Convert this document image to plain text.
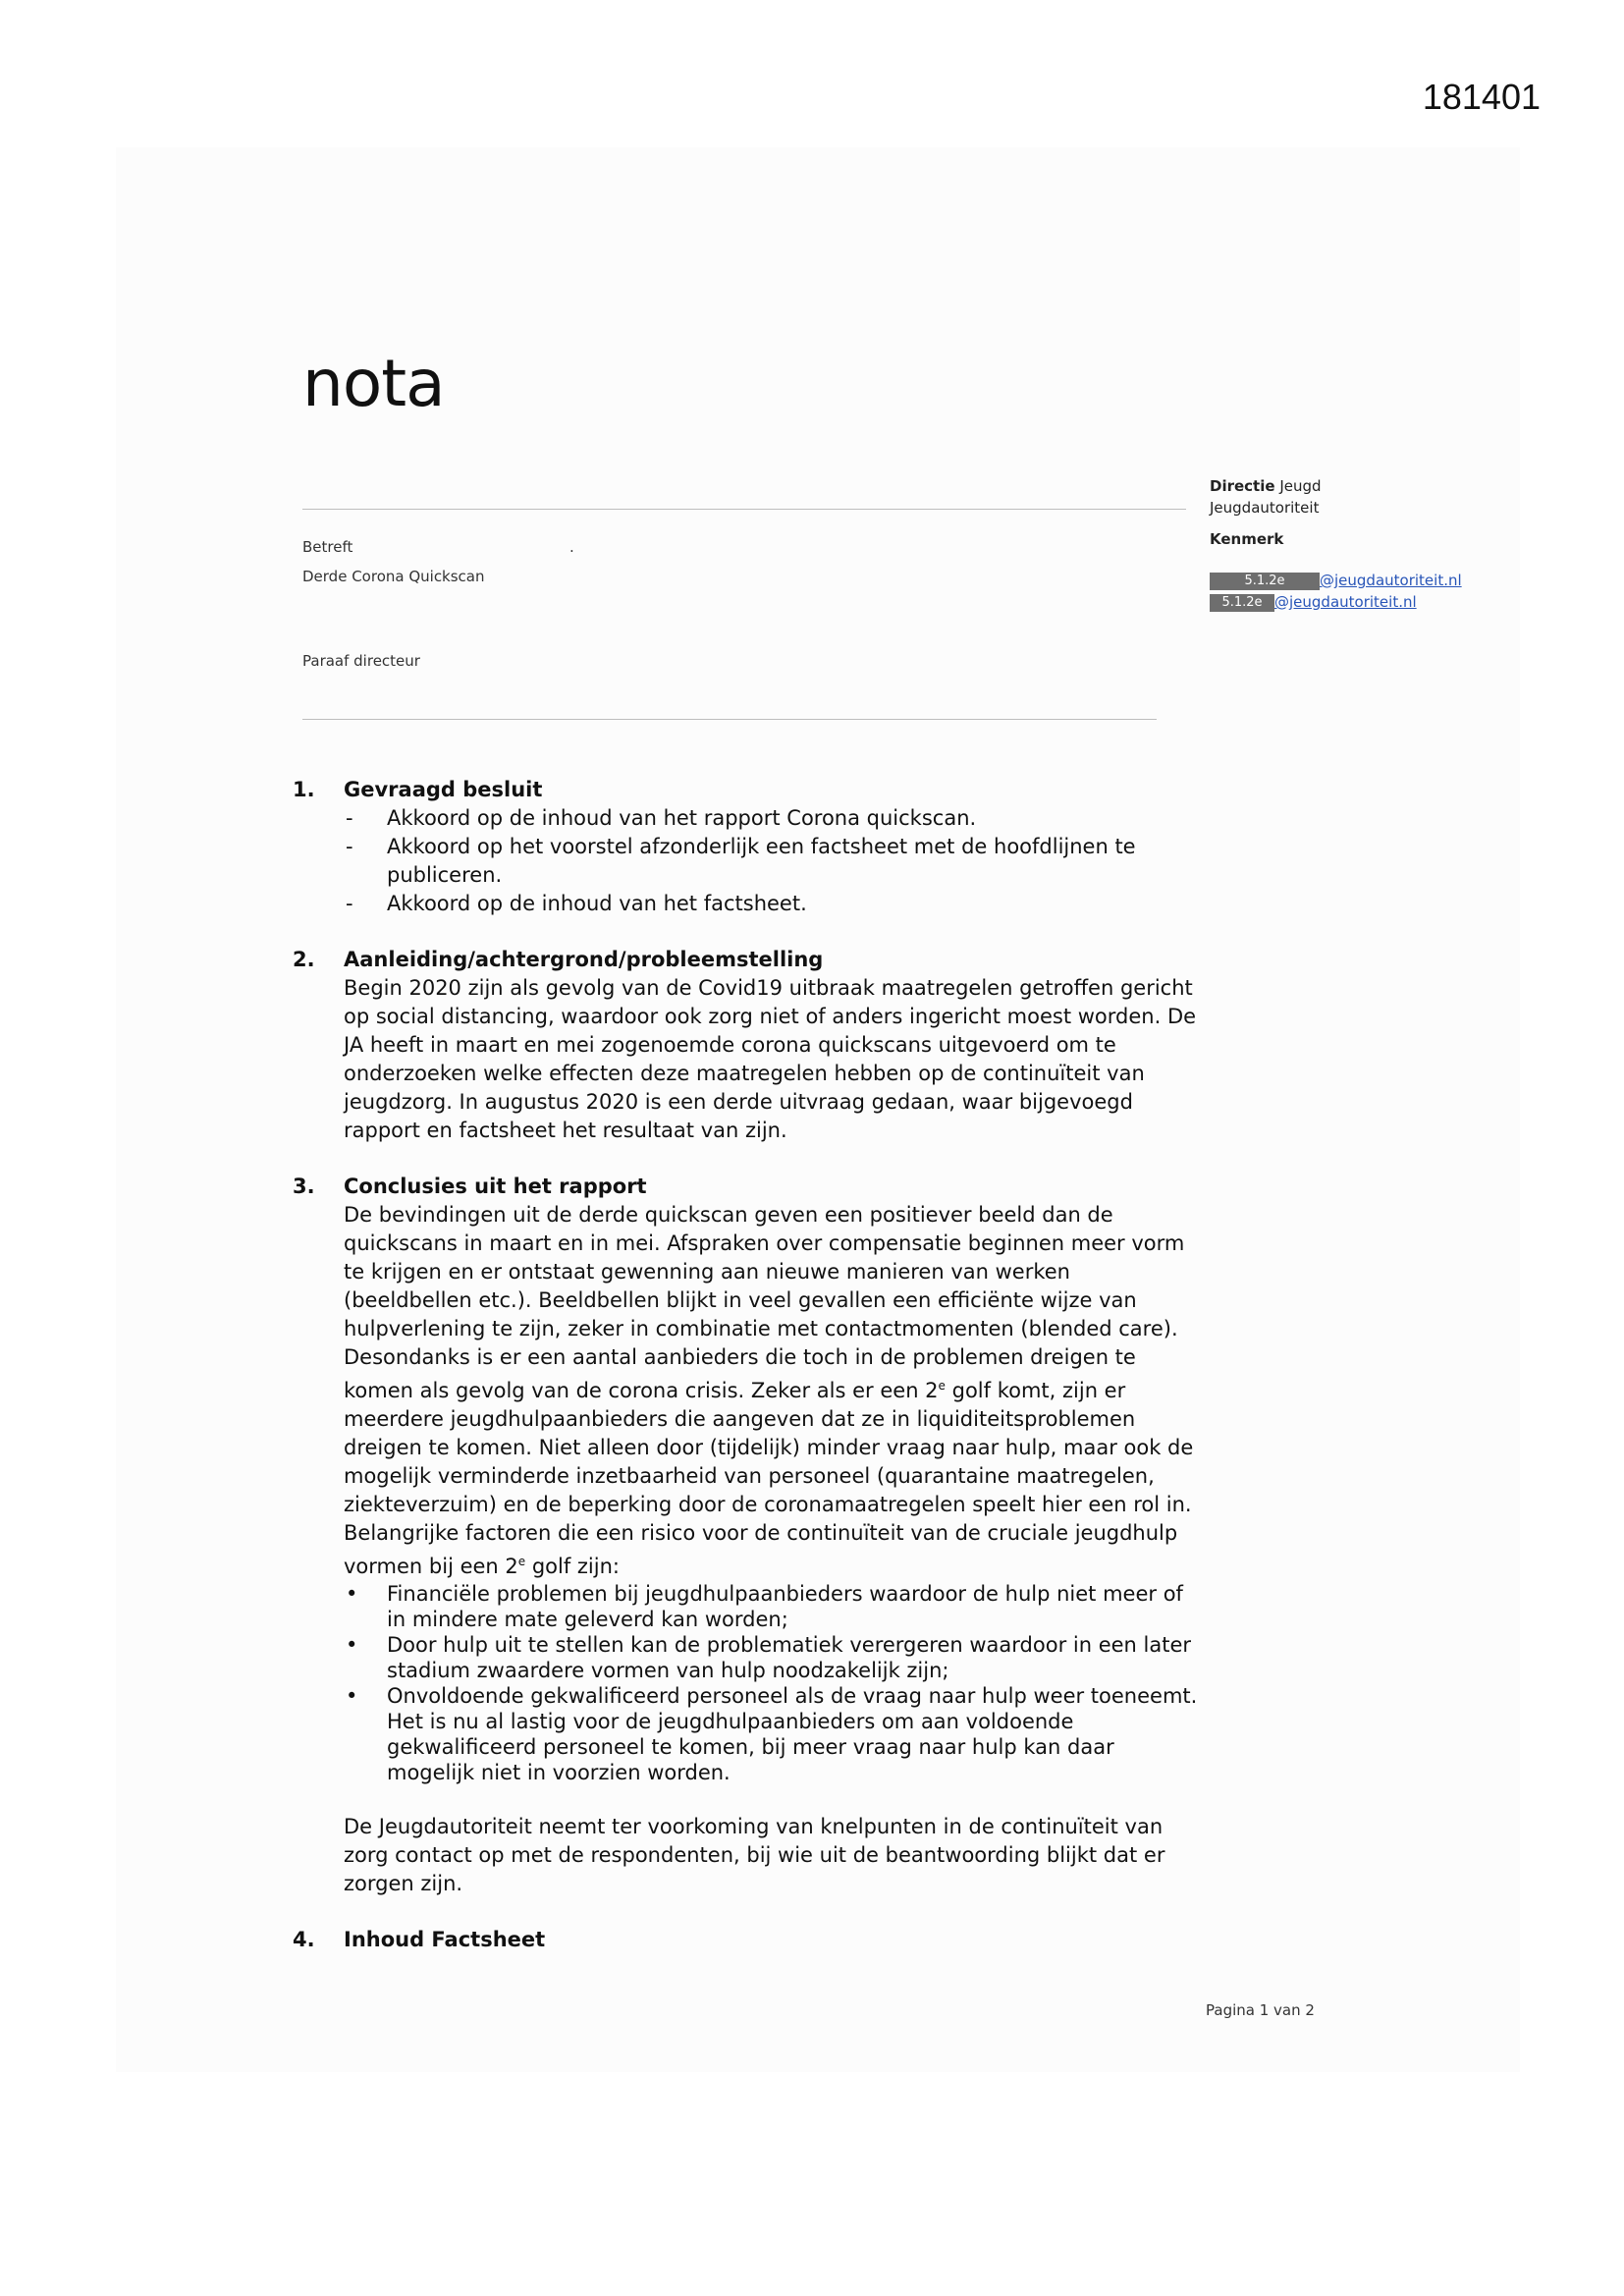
181401
nota
Betreft	.
Derde Corona Quickscan
Paraaf directeur
Directie Jeugd
Jeugdautoriteit
Kenmerk
5.1.2e @jeugdautoriteit.nl
5.1.2e @jeugdautoriteit.nl
1. Gevraagd besluit
- Akkoord op de inhoud van het rapport Corona quickscan.
- Akkoord op het voorstel afzonderlijk een factsheet met de hoofdlijnen te publiceren.
- Akkoord op de inhoud van het factsheet.
2. Aanleiding/achtergrond/probleemstelling

Begin 2020 zijn als gevolg van de Covid19 uitbraak maatregelen getroffen gericht op social distancing, waardoor ook zorg niet of anders ingericht moest worden. De JA heeft in maart en mei zogenoemde corona quickscans uitgevoerd om te onderzoeken welke effecten deze maatregelen hebben op de continuïteit van jeugdzorg. In augustus 2020 is een derde uitvraag gedaan, waar bijgevoegd rapport en factsheet het resultaat van zijn.

3. Conclusies uit het rapport

De bevindingen uit de derde quickscan geven een positiever beeld dan de quickscans in maart en in mei. Afspraken over compensatie beginnen meer vorm te krijgen en er ontstaat gewenning aan nieuwe manieren van werken (beeldbellen etc.). Beeldbellen blijkt in veel gevallen een efficiënte wijze van hulpverlening te zijn, zeker in combinatie met contactmomenten (blended care). Desondanks is er een aantal aanbieders die toch in de problemen dreigen te komen als gevolg van de corona crisis. Zeker als er een 2e golf komt, zijn er meerdere jeugdhulpaanbieders die aangeven dat ze in liquiditeitsproblemen dreigen te komen. Niet alleen door (tijdelijk) minder vraag naar hulp, maar ook de mogelijk verminderde inzetbaarheid van personeel (quarantaine maatregelen, ziekteverzuim) en de beperking door de coronamaatregelen speelt hier een rol in.

Belangrijke factoren die een risico voor de continuïteit van de cruciale jeugdhulp vormen bij een 2e golf zijn:

• Financiële problemen bij jeugdhulpaanbieders waardoor de hulp niet meer of in mindere mate geleverd kan worden;
• Door hulp uit te stellen kan de problematiek verergeren waardoor in een later stadium zwaardere vormen van hulp noodzakelijk zijn;
• Onvoldoende gekwalificeerd personeel als de vraag naar hulp weer toeneemt. Het is nu al lastig voor de jeugdhulpaanbieders om aan voldoende gekwalificeerd personeel te komen, bij meer vraag naar hulp kan daar mogelijk niet in voorzien worden.

De Jeugdautoriteit neemt ter voorkoming van knelpunten in de continuïteit van zorg contact op met de respondenten, bij wie uit de beantwoording blijkt dat er zorgen zijn.

4. Inhoud Factsheet
Pagina 1 van 2
